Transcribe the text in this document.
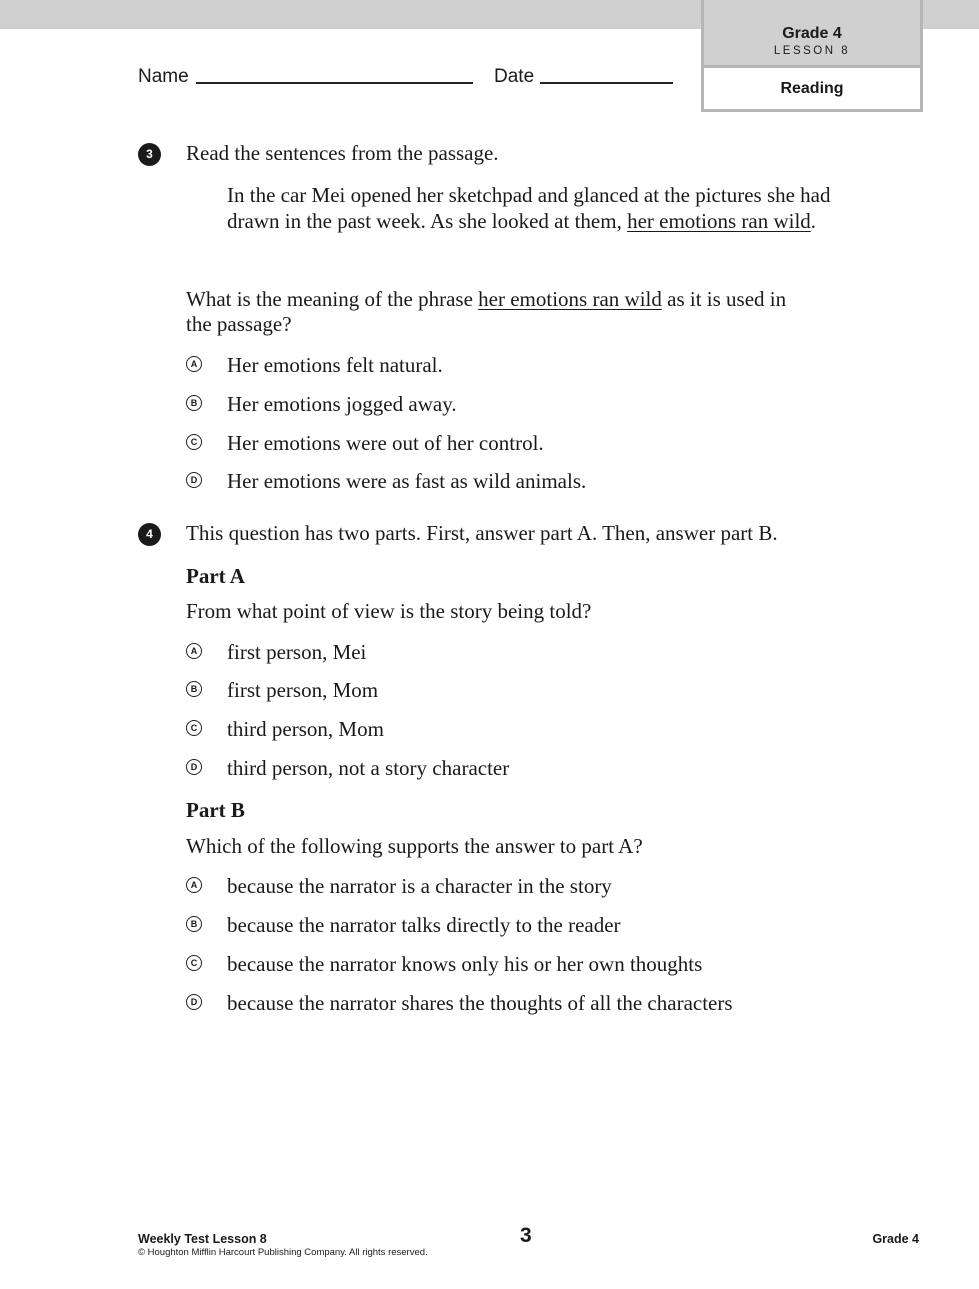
Grade 4
LESSON 8
Reading
Name	Date
3	Read the sentences from the passage.
In the car Mei opened her sketchpad and glanced at the pictures she had drawn in the past week. As she looked at them, her emotions ran wild.
What is the meaning of the phrase her emotions ran wild as it is used in
the passage?
A Her emotions felt natural.
B Her emotions jogged away.
C Her emotions were out of her control.
D Her emotions were as fast as wild animals.
4	This question has two parts. First, answer part A. Then, answer part B.
Part A
From what point of view is the story being told?
A first person, Mei
B first person, Mom
C third person, Mom
D third person, not a story character
Part B
Which of the following supports the answer to part A?
A because the narrator is a character in the story
B because the narrator talks directly to the reader
C because the narrator knows only his or her own thoughts
D because the narrator shares the thoughts of all the characters
Weekly Test Lesson 8
© Houghton Mifflin Harcourt Publishing Company. All rights reserved.
3	Grade 4
